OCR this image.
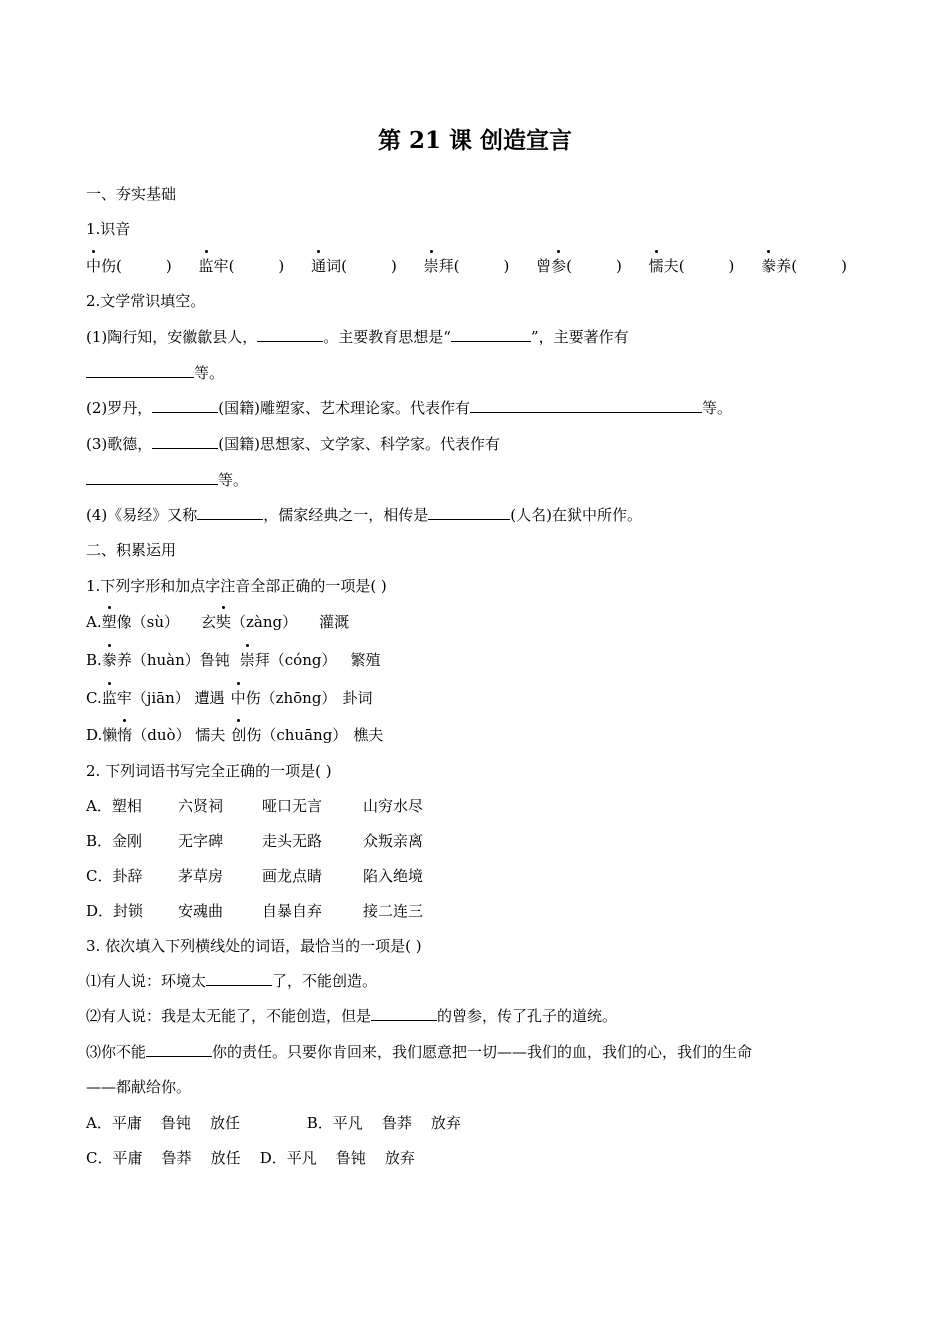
第 21 课 创造宣言
一、夯实基础
1.识音
中伤(	) 监牢(	) 通词(	) 崇拜(	) 曾参(	) 懦夫(	) 豢养(	)
2.文学常识填空。
(1)陶行知，安徽歙县人，	。主要教育思想是“	”，主要著作有
等。
(2)罗丹，	(国籍)雕塑家、艺术理论家。代表作有	等。
(3)歌德，	(国籍)思想家、文学家、科学家。代表作有
等。
(4)《易经》又称	，儒家经典之一，相传是	(人名)在狱中所作。
二、积累运用
1.下列字形和加点字注音全部正确的一项是( )
A.塑像（sù） 玄奘（zàng） 灌溉
B.豢养（huàn）鲁钝 崇拜（cóng） 繁殖
C.监牢（jiān） 遭遇 中伤（zhōng） 卦词
D.懒惰（duò） 懦夫 创伤（chuāng） 樵夫
2. 下列词语书写完全正确的一项是( )
A．塑相 六贤祠	哑口无言	山穷水尽
B．金刚 无字碑	走头无路	众叛亲离
C．卦辞 茅草房	画龙点睛	陷入绝境
D．封锁 安魂曲	自暴自弃	接二连三
3. 依次填入下列横线处的词语，最恰当的一项是( )
⑴有人说：环境太	了，不能创造。
⑵有人说：我是太无能了，不能创造，但是	的曾参，传了孔子的道统。
⑶你不能	你的责任。只要你肯回来，我们愿意把一切——我们的血，我们的心，我们的生命
——都献给你。
A．平庸    鲁钝    放任              B．平凡    鲁莽    放弃
C．平庸    鲁莽    放任    D．平凡    鲁钝    放弃
